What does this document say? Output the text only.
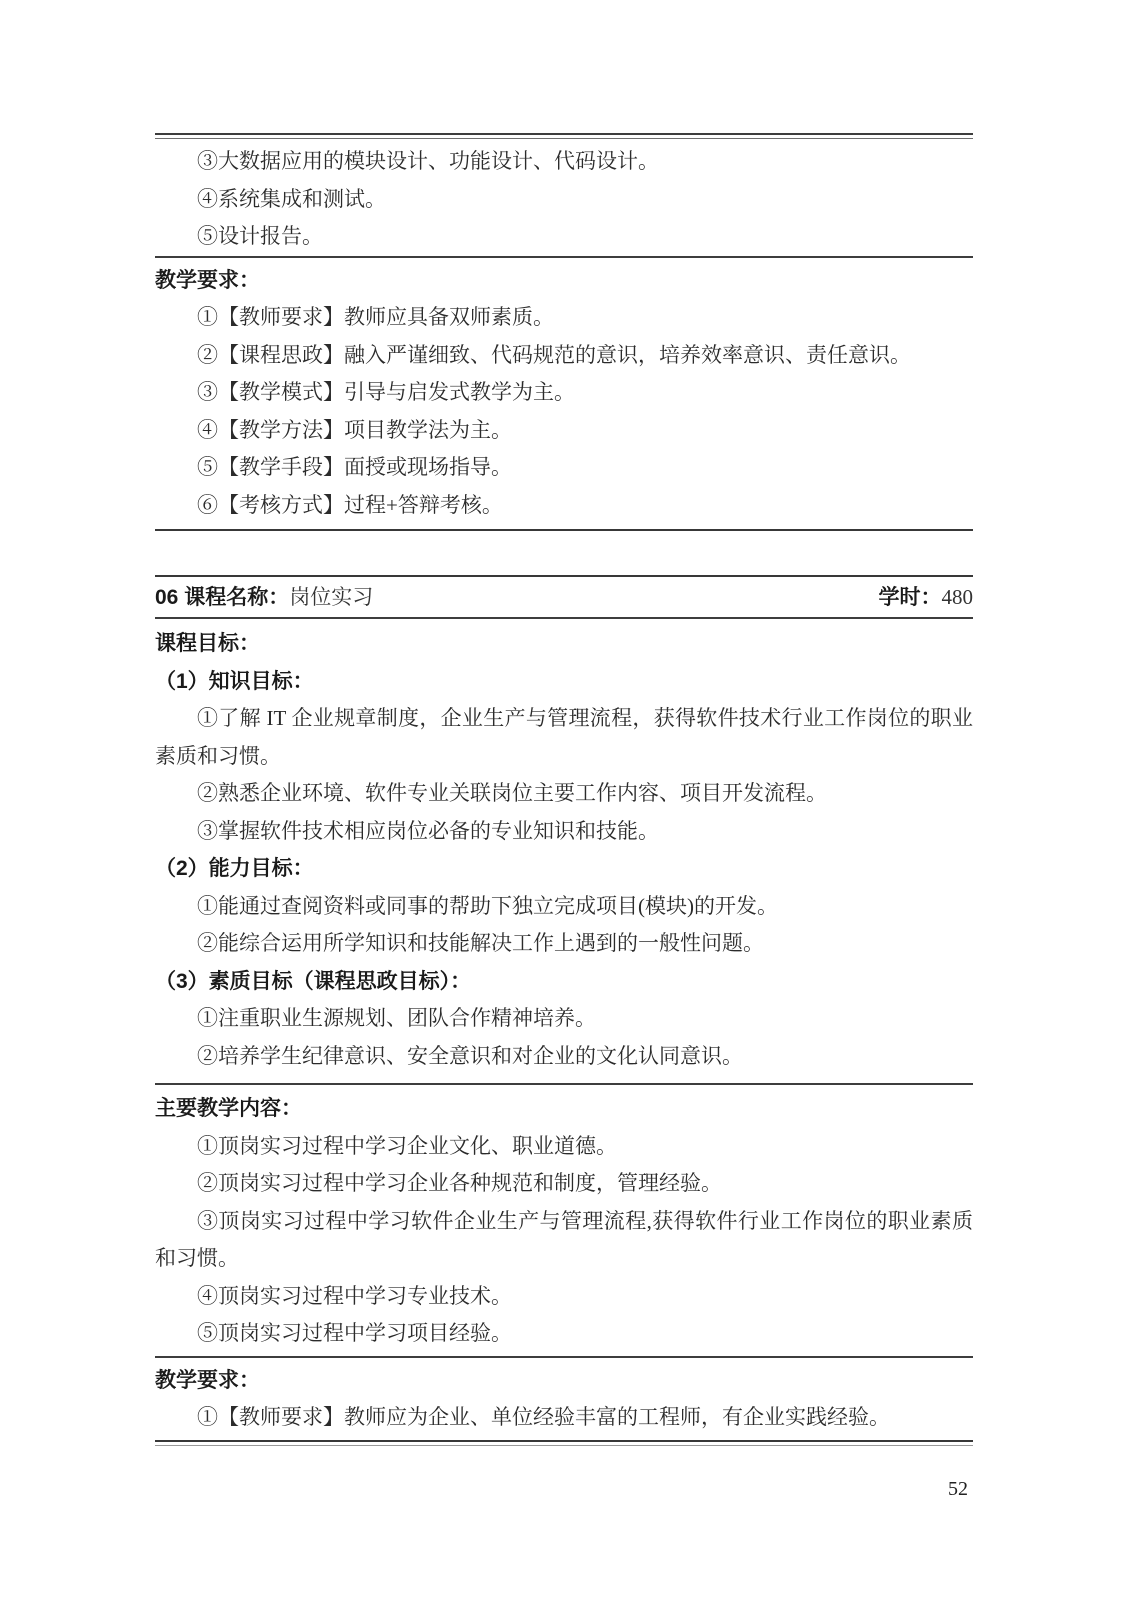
③大数据应用的模块设计、功能设计、代码设计。

④系统集成和测试。

⑤设计报告。

教学要求：

①【教师要求】教师应具备双师素质。

②【课程思政】融入严谨细致、代码规范的意识，培养效率意识、责任意识。

③【教学模式】引导与启发式教学为主。

④【教学方法】项目教学法为主。

⑤【教学手段】面授或现场指导。

⑥【考核方式】过程+答辩考核。

06 课程名称：岗位实习	学时：480

课程目标：

（1）知识目标：

①了解 IT 企业规章制度，企业生产与管理流程，获得软件技术行业工作岗位的职业素质和习惯。

②熟悉企业环境、软件专业关联岗位主要工作内容、项目开发流程。

③掌握软件技术相应岗位必备的专业知识和技能。

（2）能力目标：

①能通过查阅资料或同事的帮助下独立完成项目(模块)的开发。

②能综合运用所学知识和技能解决工作上遇到的一般性问题。

（3）素质目标（课程思政目标）：

①注重职业生源规划、团队合作精神培养。

②培养学生纪律意识、安全意识和对企业的文化认同意识。

主要教学内容：

①顶岗实习过程中学习企业文化、职业道德。

②顶岗实习过程中学习企业各种规范和制度，管理经验。

③顶岗实习过程中学习软件企业生产与管理流程,获得软件行业工作岗位的职业素质和习惯。

④顶岗实习过程中学习专业技术。

⑤顶岗实习过程中学习项目经验。

教学要求：

①【教师要求】教师应为企业、单位经验丰富的工程师，有企业实践经验。

52
